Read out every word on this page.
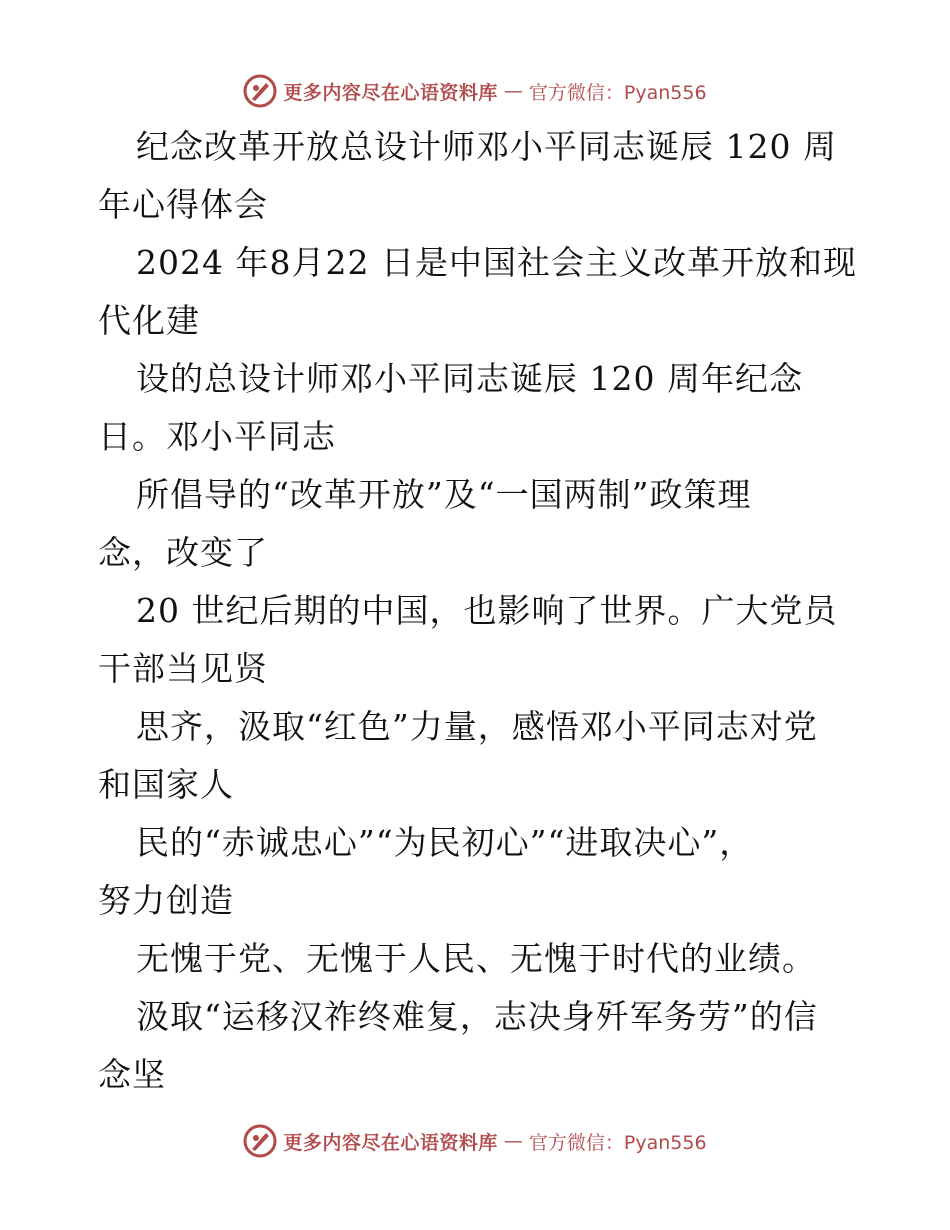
更多内容尽在心语资料库 — 官方微信：Pyan556
纪念改革开放总设计师邓小平同志诞辰 120 周
年心得体会
2024 年8月22 日是中国社会主义改革开放和现
代化建
设的总设计师邓小平同志诞辰 120 周年纪念
日。邓小平同志
所倡导的“改革开放”及“一国两制”政策理
念，改变了
20 世纪后期的中国，也影响了世界。广大党员
干部当见贤
思齐，汲取“红色”力量，感悟邓小平同志对党
和国家人
民的“赤诚忠心”“为民初心”“进取决心”，
努力创造
无愧于党、无愧于人民、无愧于时代的业绩。
汲取“运移汉祚终难复，志决身歼军务劳”的信
念坚
更多内容尽在心语资料库 — 官方微信：Pyan556
